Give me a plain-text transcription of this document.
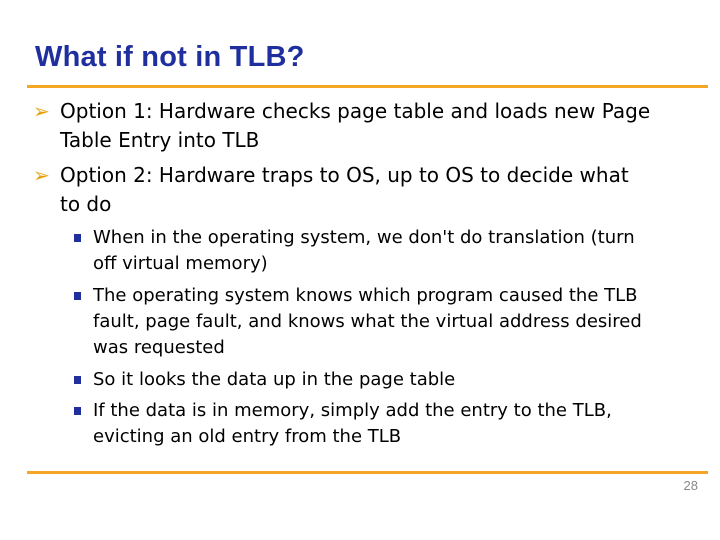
What if not in TLB?
➢ Option 1: Hardware checks page table and loads new Page
Table Entry into TLB
➢ Option 2: Hardware traps to OS, up to OS to decide what
to do
When in the operating system, we don't do translation (turn
off virtual memory)
The operating system knows which program caused the TLB
fault, page fault, and knows what the virtual address desired
was requested
So it looks the data up in the page table
If the data is in memory, simply add the entry to the TLB,
evicting an old entry from the TLB
28
